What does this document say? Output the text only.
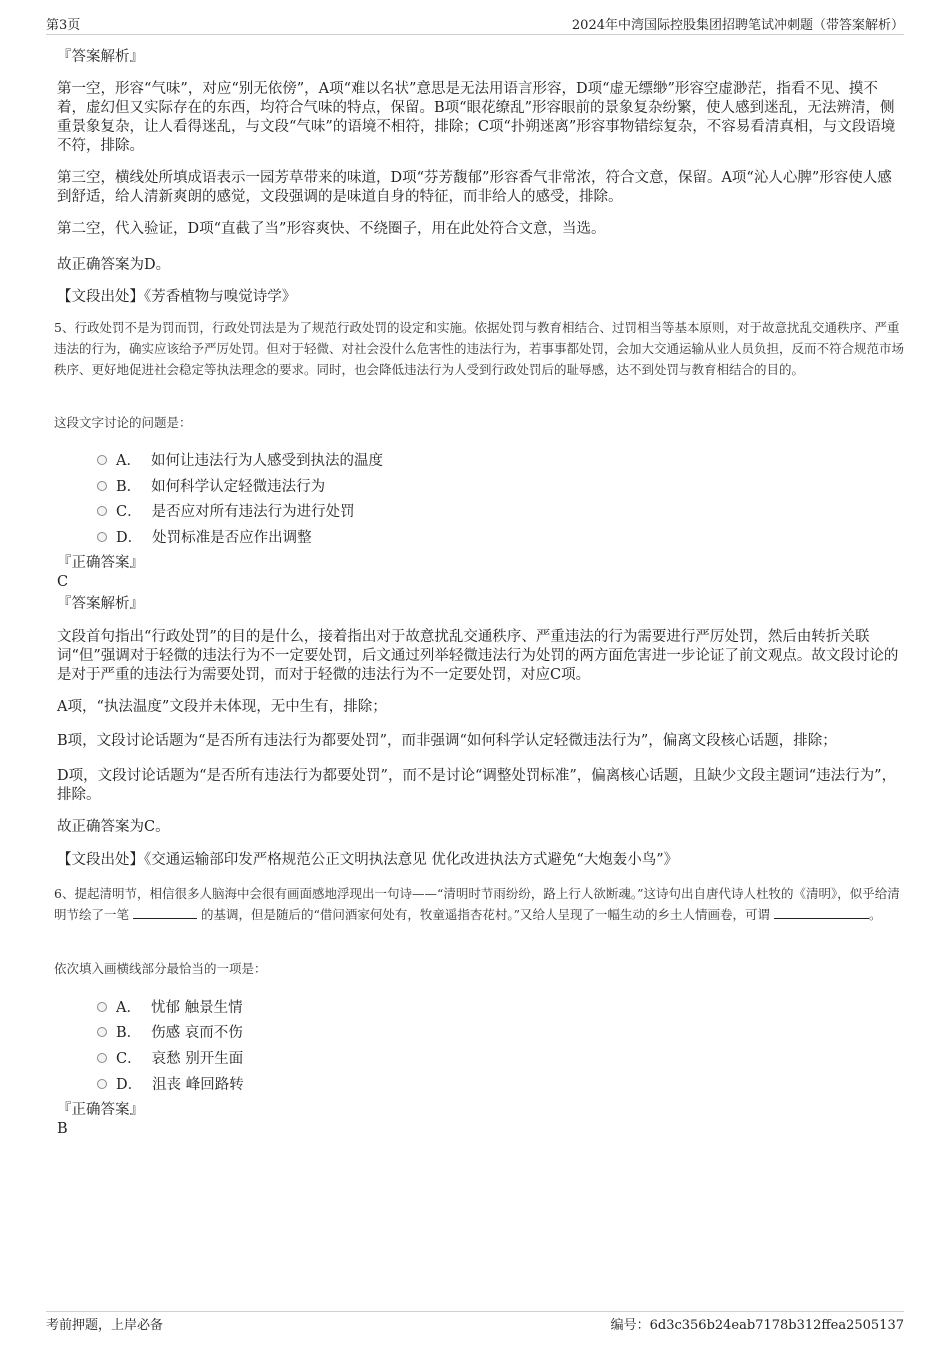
第3页	2024年中湾国际控股集团招聘笔试冲刺题（带答案解析）

『答案解析』

第一空，形容“气味”，对应“别无依傍”，A项“难以名状”意思是无法用语言形容，D项“虚无缥缈”形容空虚渺茫，指看不见、摸不着，虚幻但又实际存在的东西，均符合气味的特点，保留。B项“眼花缭乱”形容眼前的景象复杂纷繁，使人感到迷乱，无法辨清，侧重景象复杂，让人看得迷乱，与文段“气味”的语境不相符，排除；C项“扑朔迷离”形容事物错综复杂，不容易看清真相，与文段语境不符，排除。

第三空，横线处所填成语表示一园芳草带来的味道，D项“芬芳馥郁”形容香气非常浓，符合文意，保留。A项“沁人心脾”形容使人感到舒适，给人清新爽朗的感觉，文段强调的是味道自身的特征，而非给人的感受，排除。

第二空，代入验证，D项“直截了当”形容爽快、不绕圈子，用在此处符合文意，当选。

故正确答案为D。

【文段出处】《芳香植物与嗅觉诗学》

5、行政处罚不是为罚而罚，行政处罚法是为了规范行政处罚的设定和实施。依据处罚与教育相结合、过罚相当等基本原则，对于故意扰乱交通秩序、严重违法的行为，确实应该给予严厉处罚。但对于轻微、对社会没什么危害性的违法行为，若事事都处罚，会加大交通运输从业人员负担，反而不符合规范市场秩序、更好地促进社会稳定等执法理念的要求。同时，也会降低违法行为人受到行政处罚后的耻辱感，达不到处罚与教育相结合的目的。

这段文字讨论的问题是：

A． 如何让违法行为人感受到执法的温度
B． 如何科学认定轻微违法行为
C． 是否应对所有违法行为进行处罚
D． 处罚标准是否应作出调整

『正确答案』

C

『答案解析』

文段首句指出“行政处罚”的目的是什么，接着指出对于故意扰乱交通秩序、严重违法的行为需要进行严厉处罚，然后由转折关联词“但”强调对于轻微的违法行为不一定要处罚，后文通过列举轻微违法行为处罚的两方面危害进一步论证了前文观点。故文段讨论的是对于严重的违法行为需要处罚，而对于轻微的违法行为不一定要处罚，对应C项。

A项，“执法温度”文段并未体现，无中生有，排除；

B项，文段讨论话题为“是否所有违法行为都要处罚”，而非强调“如何科学认定轻微违法行为”，偏离文段核心话题，排除；

D项，文段讨论话题为“是否所有违法行为都要处罚”，而不是讨论“调整处罚标准”，偏离核心话题，且缺少文段主题词“违法行为”，排除。

故正确答案为C。

【文段出处】《交通运输部印发严格规范公正文明执法意见 优化改进执法方式避免“大炮轰小鸟”》

6、提起清明节，相信很多人脑海中会很有画面感地浮现出一句诗——“清明时节雨纷纷，路上行人欲断魂。”这诗句出自唐代诗人杜牧的《清明》，似乎给清明节绘了一笔	的基调，但是随后的“借问酒家何处有，牧童遥指杏花村。”又给人呈现了一幅生动的乡土人情画卷，可谓	。

依次填入画横线部分最恰当的一项是：

A． 忧郁 触景生情
B． 伤感 哀而不伤
C． 哀愁 别开生面
D． 沮丧 峰回路转

『正确答案』

B

考前押题，上岸必备	编号：6d3c356b24eab7178b312ffea2505137
